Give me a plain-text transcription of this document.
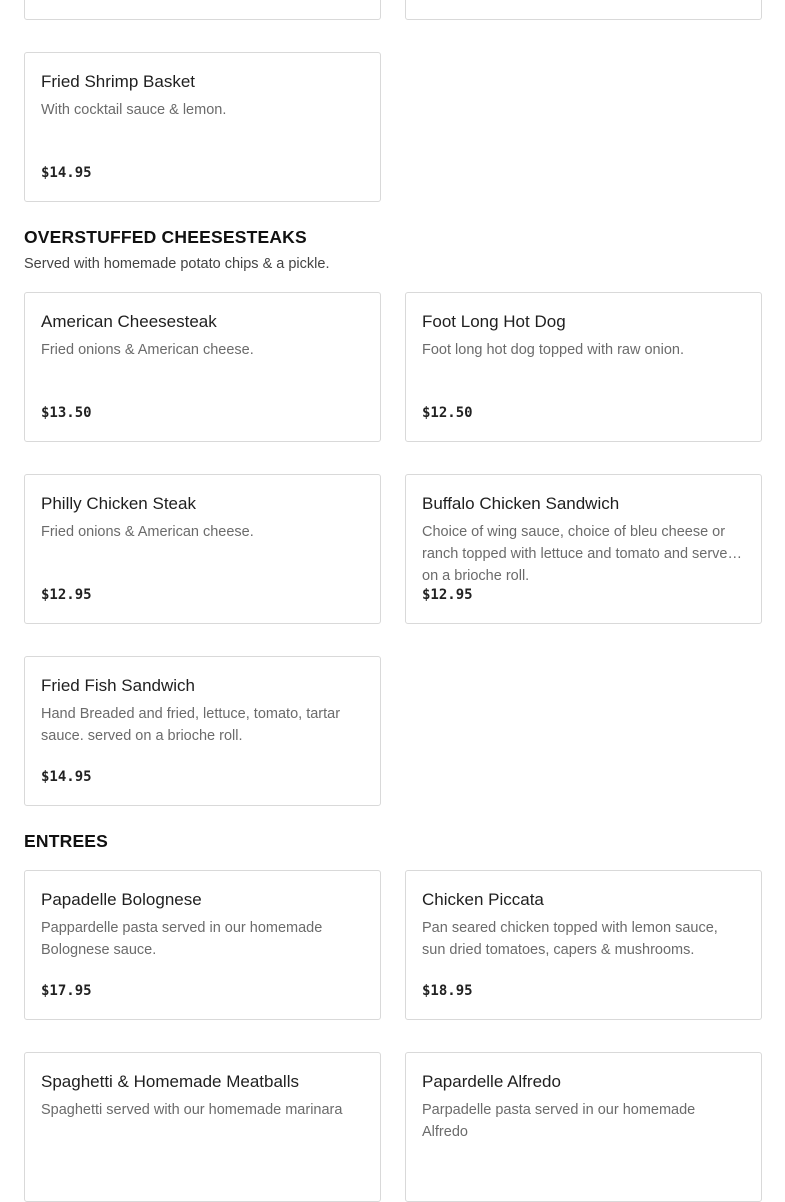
Fried Shrimp Basket
With cocktail sauce & lemon.
$14.95
OVERSTUFFED CHEESESTEAKS
Served with homemade potato chips & a pickle.
American Cheesesteak
Fried onions & American cheese.
$13.50
Foot Long Hot Dog
Foot long hot dog topped with raw onion.
$12.50
Philly Chicken Steak
Fried onions & American cheese.
$12.95
Buffalo Chicken Sandwich
Choice of wing sauce, choice of bleu cheese or ranch topped with lettuce and tomato and served on a brioche roll.
$12.95
Fried Fish Sandwich
Hand Breaded and fried, lettuce, tomato, tartar sauce. served on a brioche roll.
$14.95
ENTREES
Papadelle Bolognese
Pappardelle pasta served in our homemade Bolognese sauce.
$17.95
Chicken Piccata
Pan seared chicken topped with lemon sauce, sun dried tomatoes, capers & mushrooms.
$18.95
Spaghetti & Homemade Meatballs
Spaghetti served with our homemade marinara
Papardelle Alfredo
Parpadelle pasta served in our homemade Alfredo
